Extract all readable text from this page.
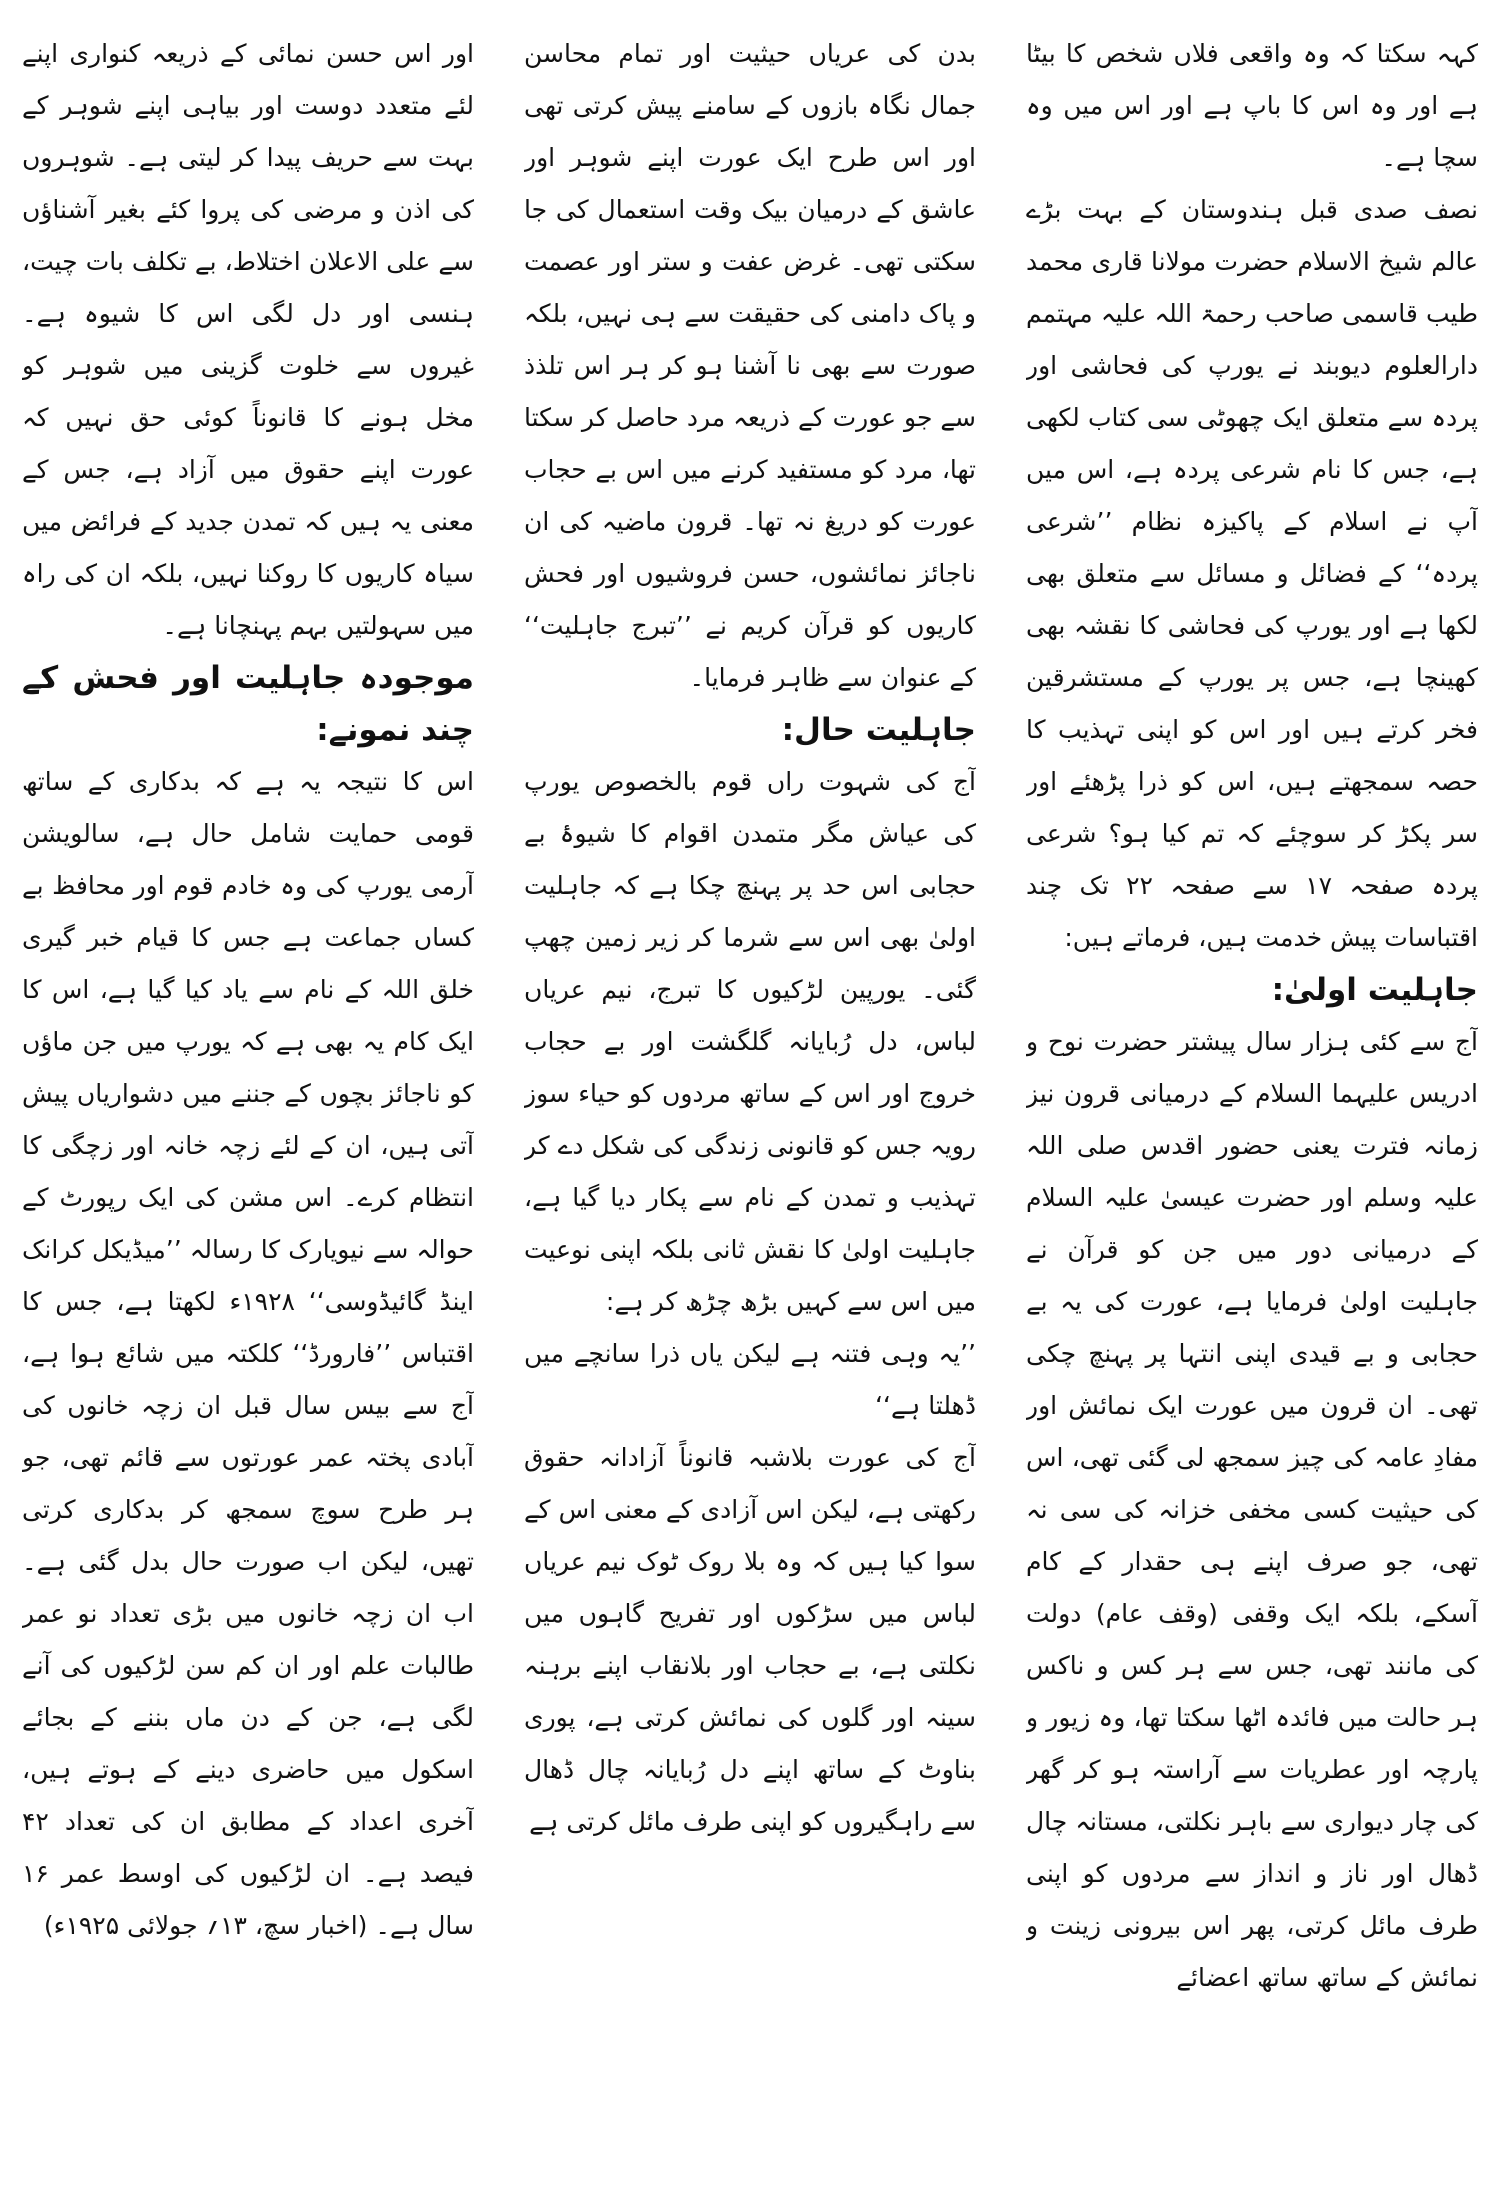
کہہ سکتا کہ وہ واقعی فلاں شخص کا بیٹا ہے اور وہ اس کا باپ ہے اور اس میں وہ سچا ہے۔

نصف صدی قبل ہندوستان کے بہت بڑے عالم شیخ الاسلام حضرت مولانا قاری محمد طیب قاسمی صاحب رحمۃ اللہ علیہ مہتمم دارالعلوم دیوبند نے یورپ کی فحاشی اور پردہ سے متعلق ایک چھوٹی سی کتاب لکھی ہے، جس کا نام شرعی پردہ ہے، اس میں آپ نے اسلام کے پاکیزہ نظام ’’شرعی پردہ‘‘ کے فضائل و مسائل سے متعلق بھی لکھا ہے اور یورپ کی فحاشی کا نقشہ بھی کھینچا ہے، جس پر یورپ کے مستشرقین فخر کرتے ہیں اور اس کو اپنی تہذیب کا حصہ سمجھتے ہیں، اس کو ذرا پڑھئے اور سر پکڑ کر سوچئے کہ تم کیا ہو؟ شرعی پردہ صفحہ ۱۷ سے صفحہ ۲۲ تک چند اقتباسات پیش خدمت ہیں، فرماتے ہیں:

جاہلیت اولیٰ:

آج سے کئی ہزار سال پیشتر حضرت نوح و ادریس علیہما السلام کے درمیانی قرون نیز زمانہ فترت یعنی حضور اقدس صلی اللہ علیہ وسلم اور حضرت عیسیٰ علیہ السلام کے درمیانی دور میں جن کو قرآن نے جاہلیت اولیٰ فرمایا ہے، عورت کی یہ بے حجابی و بے قیدی اپنی انتہا پر پہنچ چکی تھی۔ ان قرون میں عورت ایک نمائش اور مفادِ عامہ کی چیز سمجھ لی گئی تھی، اس کی حیثیت کسی مخفی خزانہ کی سی نہ تھی، جو صرف اپنے ہی حقدار کے کام آسکے، بلکہ ایک وقفی (وقف عام) دولت کی مانند تھی، جس سے ہر کس و ناکس ہر حالت میں فائدہ اٹھا سکتا تھا، وہ زیور و پارچہ اور عطریات سے آراستہ ہو کر گھر کی چار دیواری سے باہر نکلتی، مستانہ چال ڈھال اور ناز و انداز سے مردوں کو اپنی طرف مائل کرتی، پھر اس بیرونی زینت و نمائش کے ساتھ ساتھ اعضائے

بدن کی عریاں حیثیت اور تمام محاسن جمال نگاہ بازوں کے سامنے پیش کرتی تھی اور اس طرح ایک عورت اپنے شوہر اور عاشق کے درمیان بیک وقت استعمال کی جا سکتی تھی۔ غرض عفت و ستر اور عصمت و پاک دامنی کی حقیقت سے ہی نہیں، بلکہ صورت سے بھی نا آشنا ہو کر ہر اس تلذذ سے جو عورت کے ذریعہ مرد حاصل کر سکتا تھا، مرد کو مستفید کرنے میں اس بے حجاب عورت کو دریغ نہ تھا۔ قرون ماضیہ کی ان ناجائز نمائشوں، حسن فروشیوں اور فحش کاریوں کو قرآن کریم نے ’’تبرج جاہلیت‘‘ کے عنوان سے ظاہر فرمایا۔

جاہلیت حال:

آج کی شہوت راں قوم بالخصوص یورپ کی عیاش مگر متمدن اقوام کا شیوۂ بے حجابی اس حد پر پہنچ چکا ہے کہ جاہلیت اولیٰ بھی اس سے شرما کر زیر زمین چھپ گئی۔ یورپین لڑکیوں کا تبرج، نیم عریاں لباس، دل رُبایانہ گلگشت اور بے حجاب خروج اور اس کے ساتھ مردوں کو حیاء سوز رویہ جس کو قانونی زندگی کی شکل دے کر تہذیب و تمدن کے نام سے پکار دیا گیا ہے، جاہلیت اولیٰ کا نقش ثانی بلکہ اپنی نوعیت میں اس سے کہیں بڑھ چڑھ کر ہے:

’’یہ وہی فتنہ ہے لیکن یاں ذرا سانچے میں ڈھلتا ہے‘‘

آج کی عورت بلاشبہ قانوناً آزادانہ حقوق رکھتی ہے، لیکن اس آزادی کے معنی اس کے سوا کیا ہیں کہ وہ بلا روک ٹوک نیم عریاں لباس میں سڑکوں اور تفریح گاہوں میں نکلتی ہے، بے حجاب اور بلانقاب اپنے برہنہ سینہ اور گلوں کی نمائش کرتی ہے، پوری بناوٹ کے ساتھ اپنے دل رُبایانہ چال ڈھال سے راہگیروں کو اپنی طرف مائل کرتی ہے

اور اس حسن نمائی کے ذریعہ کنواری اپنے لئے متعدد دوست اور بیاہی اپنے شوہر کے بہت سے حریف پیدا کر لیتی ہے۔ شوہروں کی اذن و مرضی کی پروا کئے بغیر آشناؤں سے علی الاعلان اختلاط، بے تکلف بات چیت، ہنسی اور دل لگی اس کا شیوہ ہے۔ غیروں سے خلوت گزینی میں شوہر کو مخل ہونے کا قانوناً کوئی حق نہیں کہ عورت اپنے حقوق میں آزاد ہے، جس کے معنی یہ ہیں کہ تمدن جدید کے فرائض میں سیاہ کاریوں کا روکنا نہیں، بلکہ ان کی راہ میں سہولتیں بہم پہنچانا ہے۔

موجودہ جاہلیت اور فحش کے چند نمونے:

اس کا نتیجہ یہ ہے کہ بدکاری کے ساتھ قومی حمایت شامل حال ہے، سالویشن آرمی یورپ کی وہ خادم قوم اور محافظ بے کساں جماعت ہے جس کا قیام خبر گیری خلق اللہ کے نام سے یاد کیا گیا ہے، اس کا ایک کام یہ بھی ہے کہ یورپ میں جن ماؤں کو ناجائز بچوں کے جننے میں دشواریاں پیش آتی ہیں، ان کے لئے زچہ خانہ اور زچگی کا انتظام کرے۔ اس مشن کی ایک رپورٹ کے حوالہ سے نیویارک کا رسالہ ’’میڈیکل کرانک اینڈ گائیڈوسی‘‘ ۱۹۲۸ء لکھتا ہے، جس کا اقتباس ’’فارورڈ‘‘ کلکتہ میں شائع ہوا ہے، آج سے بیس سال قبل ان زچہ خانوں کی آبادی پختہ عمر عورتوں سے قائم تھی، جو ہر طرح سوچ سمجھ کر بدکاری کرتی تھیں، لیکن اب صورت حال بدل گئی ہے۔ اب ان زچہ خانوں میں بڑی تعداد نو عمر طالبات علم اور ان کم سن لڑکیوں کی آنے لگی ہے، جن کے دن ماں بننے کے بجائے اسکول میں حاضری دینے کے ہوتے ہیں، آخری اعداد کے مطابق ان کی تعداد ۴۲ فیصد ہے۔ ان لڑکیوں کی اوسط عمر ۱۶ سال ہے۔ (اخبار سچ، ۱۳؍ جولائی ۱۹۲۵ء)
